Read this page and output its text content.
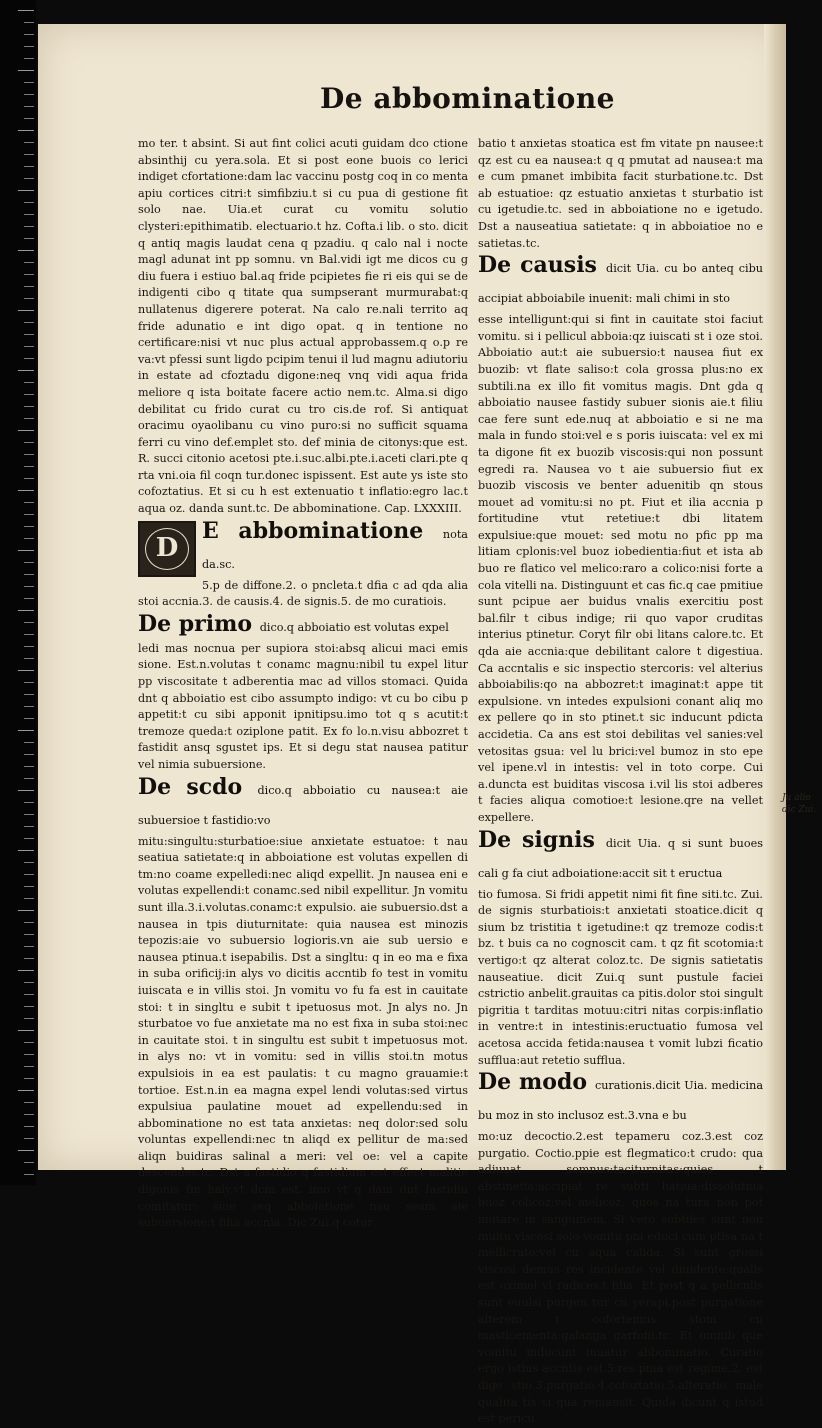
De abbominatione

mo ter. t absint. Si aut fint colici acuti guidam dco ctione absinthij cu yera.sola. Et si post eone buois co lerici indiget cfortatione:dam lac vaccinu postg coq in co menta apiu cortices citri:t simfibziu.t si cu pua di gestione fit solo nae. Uia.et curat cu vomitu solutio clysteri:epithimatib. electuario.t hz. Cofta.i lib. o sto. dicit q antiq magis laudat cena q pzadiu. q calo nal i nocte magl adunat int pp somnu. vn Bal.vidi igt me dicos cu g diu fuera i estiuo bal.aq fride pcipietes fie ri eis qui se de indigenti cibo q titate qua sumpserant murmurabat:q nullatenus digerere poterat. Na calo re.nali territo aq fride adunatio e int digo opat. q in tentione no certificare:nisi vt nuc plus actual approbassem.q o.p re va:vt pfessi sunt ligdo pcipim tenui il lud magnu adiutoriu in estate ad cfoztadu digone:neq vnq vidi aqua frida meliore q ista boitate facere actio nem.tc. Alma.si digo debilitat cu frido curat cu tro cis.de rof. Si antiquat oracimu oyaolibanu cu vino puro:si no sufficit squama ferri cu vino def.emplet sto. def minia de citonys:que est. R. succi citonio acetosi pte.i.suc.albi.pte.i.aceti clari.pte q rta vni.oia fil coqn tur.donec ispissent. Est aute ys iste sto cofoztatius. Et si cu h est extenuatio t inflatio:egro lac.t aqua oz. danda sunt.tc. De abbominatione. Cap. LXXXIII.

D

E abbominatione nota da.sc.

5.p de diffone.2. o pncleta.t dfia c ad qda alia stoi accnia.3. de causis.4. de signis.5. de mo curatiois.

De primo dico.q abboiatio est volutas expel

ledi mas nocnua per supiora stoi:absq alicui maci emis sione. Est.n.volutas t conamc magnu:nibil tu expel litur pp viscositate t adberentia mac ad villos stomaci. Quida dnt q abboiatio est cibo assumpto indigo: vt cu bo cibu p appetit:t cu sibi apponit ipnitipsu.imo tot q s acutit:t tremoze queda:t oziplone patit. Ex fo lo.n.visu abbozret t fastidit ansq sgustet ips. Et si degu stat nausea patitur vel nimia subuersione.

De scdo dico.q abboiatio cu nausea:t aie subuersioe t fastidio:vo

mitu:singultu:sturbatioe:siue anxietate estuatoe: t nau seatiua satietate:q in abboiatione est volutas expellen di tm:no coame expelledi:nec aliqd expellit. Jn nausea eni e volutas expellendi:t conamc.sed nibil expellitur. Jn vomitu sunt illa.3.i.volutas.conamc:t expulsio. aie subuersio.dst a nausea in tpis diuturnitate: quia nausea est minozis tepozis:aie vo subuersio logioris.vn aie sub uersio e nausea ptinua.t isepabilis. Dst a singltu: q in eo ma e fixa in suba orificij:in alys vo dicitis accntib fo test in vomitu iuiscata e in villis stoi. Jn vomitu vo fu fa est in cauitate stoi: t in singltu e subit t ipetuosus mot. Jn alys no. Jn sturbatoe vo fue anxietate ma no est fixa in suba stoi:nec in cauitate stoi. t in singultu est subit t impetuosus mot. in alys no: vt in vomitu: sed in villis stoi.tn motus expulsiois in ea est paulatis: t cu magno grauamie:t tortioe. Est.n.in ea magna expel lendi volutas:sed virtus expulsiua paulatine mouet ad expellendu:sed in abbominatione no est tata anxietas: neq dolor:sed solu voluntas expellendi:nec tn aliqd ex pellitur de ma:sed aliqn buidiras salinal a meri: vel oe: vel a capite descendes.tc. Dst a fastidio q fastidium est effect malitie digonis fm haly.vt dcm est. imo vt q dam dnt fastidiu comitatur: siue seq abboiatione nau seam aie subuersione:t filia accnia. Dic Zui.q cotur

batio t anxietas stoatica est fm vitate pn nausee:t qz est cu ea nausea:t q q pmutat ad nausea:t ma e cum pmanet imbibita facit sturbatione.tc. Dst ab estuatioe: qz estuatio anxietas t sturbatio ist cu igetudie.tc. sed in abboiatione no e igetudo. Dst a nauseatiua satietate: q in abboiatioe no e satietas.tc.

De causis dicit Uia. cu bo anteq cibu accipiat abboiabile inuenit: mali chimi in sto

esse intelligunt:qui si fint in cauitate stoi faciut vomitu. si i pellicul abboia:qz iuiscati st i oze stoi. Abboiatio aut:t aie subuersio:t nausea fiut ex buozib: vt flate saliso:t cola grossa plus:no ex subtili.na ex illo fit vomitus magis. Dnt gda q abboiatio nausee fastidy subuer sionis aie.t filiu cae fere sunt ede.nuq at abboiatio e si ne ma mala in fundo stoi:vel e s poris iuiscata: vel ex mi ta digone fit ex buozib viscosis:qui non possunt egredi ra. Nausea vo t aie subuersio fiut ex buozib viscosis ve benter aduenitib qn stous mouet ad vomitu:si no pt. Fiut et ilia accnia p fortitudine vtut retetiue:t dbi litatem expulsiue:que mouet: sed motu no pfic pp ma litiam cplonis:vel buoz iobedientia:fiut et ista ab buo re flatico vel melico:raro a colico:nisi forte a cola vitelli na. Distinguunt et cas fic.q cae pmitiue sunt pcipue aer buidus vnalis exercitiu post bal.filr t cibus indige; rii quo vapor cruditas interius ptinetur. Coryt filr obi litans calore.tc. Et qda aie accnia:que debilitant calore t digestiua. Ca accntalis e sic inspectio stercoris: vel alterius abboiabilis:qo na abbozret:t imaginat:t appe tit expulsione. vn intedes expulsioni conant aliq mo ex pellere qo in sto ptinet.t sic inducunt pdicta accidetia. Ca ans est stoi debilitas vel sanies:vel vetositas gsua: vel lu brici:vel bumoz in sto epe vel ipene.vl in intestis: vel in toto corpe. Cui a.duncta est buiditas viscosa i.vil lis stoi adberes t facies aliqua comotioe:t lesione.qre na vellet expellere.

De signis dicit Uia. q si sunt buoes cali g fa ciut adboiatione:accit sit t eructua

tio fumosa. Si fridi appetit nimi fit fine siti.tc. Zui. de signis sturbatiois:t anxietati stoatice.dicit q sium bz tristitia t igetudine:t qz tremoze codis:t bz. t buis ca no cognoscit cam. t qz fit scotomia:t vertigo:t qz alterat coloz.tc. De signis satietatis nauseatiue. dicit Zui.q sunt pustule faciei cstrictio anbelit.grauitas ca pitis.dolor stoi singult pigritia t tarditas motuu:citri nitas corpis:inflatio in ventre:t in intestinis:eructuatio fumosa vel acetosa accida fetida:nausea t vomit lubzi ficatio sufflua:aut retetio sufflua.

De modo curationis.dicit Uia. medicina bu moz in sto inclusoz est.3.vna e bu

mo:uz decoctio.2.est tepameru coz.3.est coz purgatio. Coctio.ppie est flegmatico:t crudo: qua adiuuat somnus:taciturnitas:quies t abstinetia:accipiat re subti liatiua:dissolutiua buoz colicoz:vel melicoz: quos na tura non pot mutare in sanguinem. Si vero subtiles sunt non multu viscosi solo vomitu pni educi cum ptisa na t mellicrato:vel cu aqua calida. Si sunt grossi viscosi demus res incidente vel diuidente:qualis est oximel vl radices.t filia. Et post q a pelliculis sunt euulsi purgen tur cu yerapi.post purgatione alterem t cofortemus stom cu masticementa:galanga garfofil.tc. Et omnib que vomitu inducunt iuuatur abbominatio. Curatio ergo istius accntis est.5.res.pma est regime.2. est dige stio.3.purgatio.4.cofoztatio.5.alteratio male qualita tis si qua remansit. Quida dicunt q istud est pericu

Ju alio dic Zui.
